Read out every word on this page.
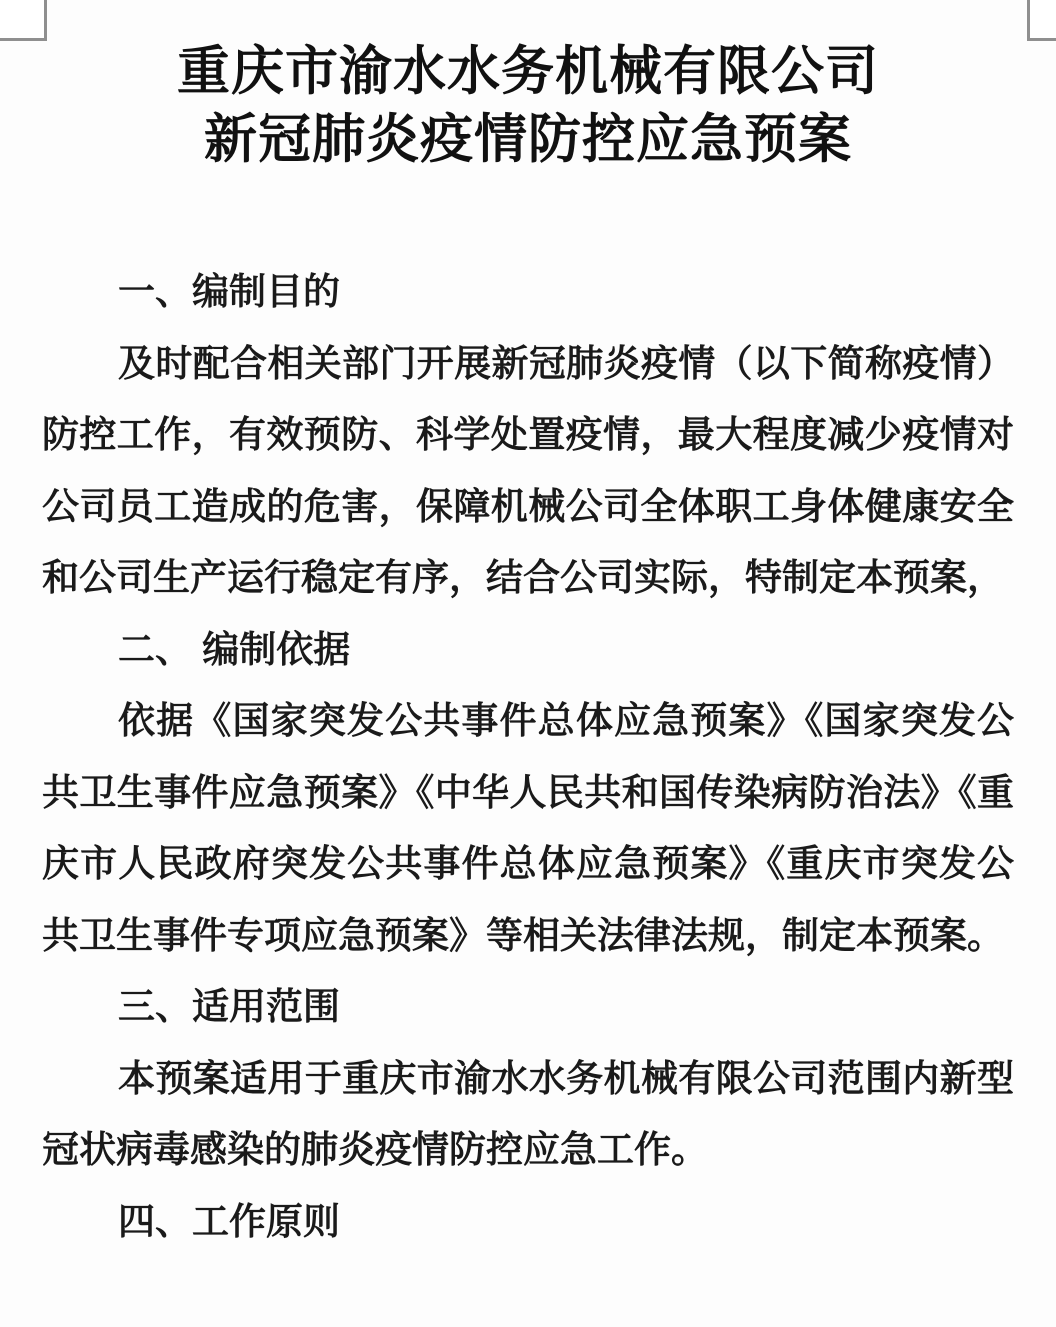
重庆市渝水水务机械有限公司
新冠肺炎疫情防控应急预案
一、编制目的

及时配合相关部门开展新冠肺炎疫情（以下简称疫情）防控工作，有效预防、科学处置疫情，最大程度减少疫情对公司员工造成的危害，保障机械公司全体职工身体健康安全和公司生产运行稳定有序，结合公司实际，特制定本预案，

二、 编制依据

依据《国家突发公共事件总体应急预案》《国家突发公共卫生事件应急预案》《中华人民共和国传染病防治法》《重庆市人民政府突发公共事件总体应急预案》《重庆市突发公共卫生事件专项应急预案》等相关法律法规，制定本预案。

三、适用范围

本预案适用于重庆市渝水水务机械有限公司范围内新型冠状病毒感染的肺炎疫情防控应急工作。

四、工作原则
